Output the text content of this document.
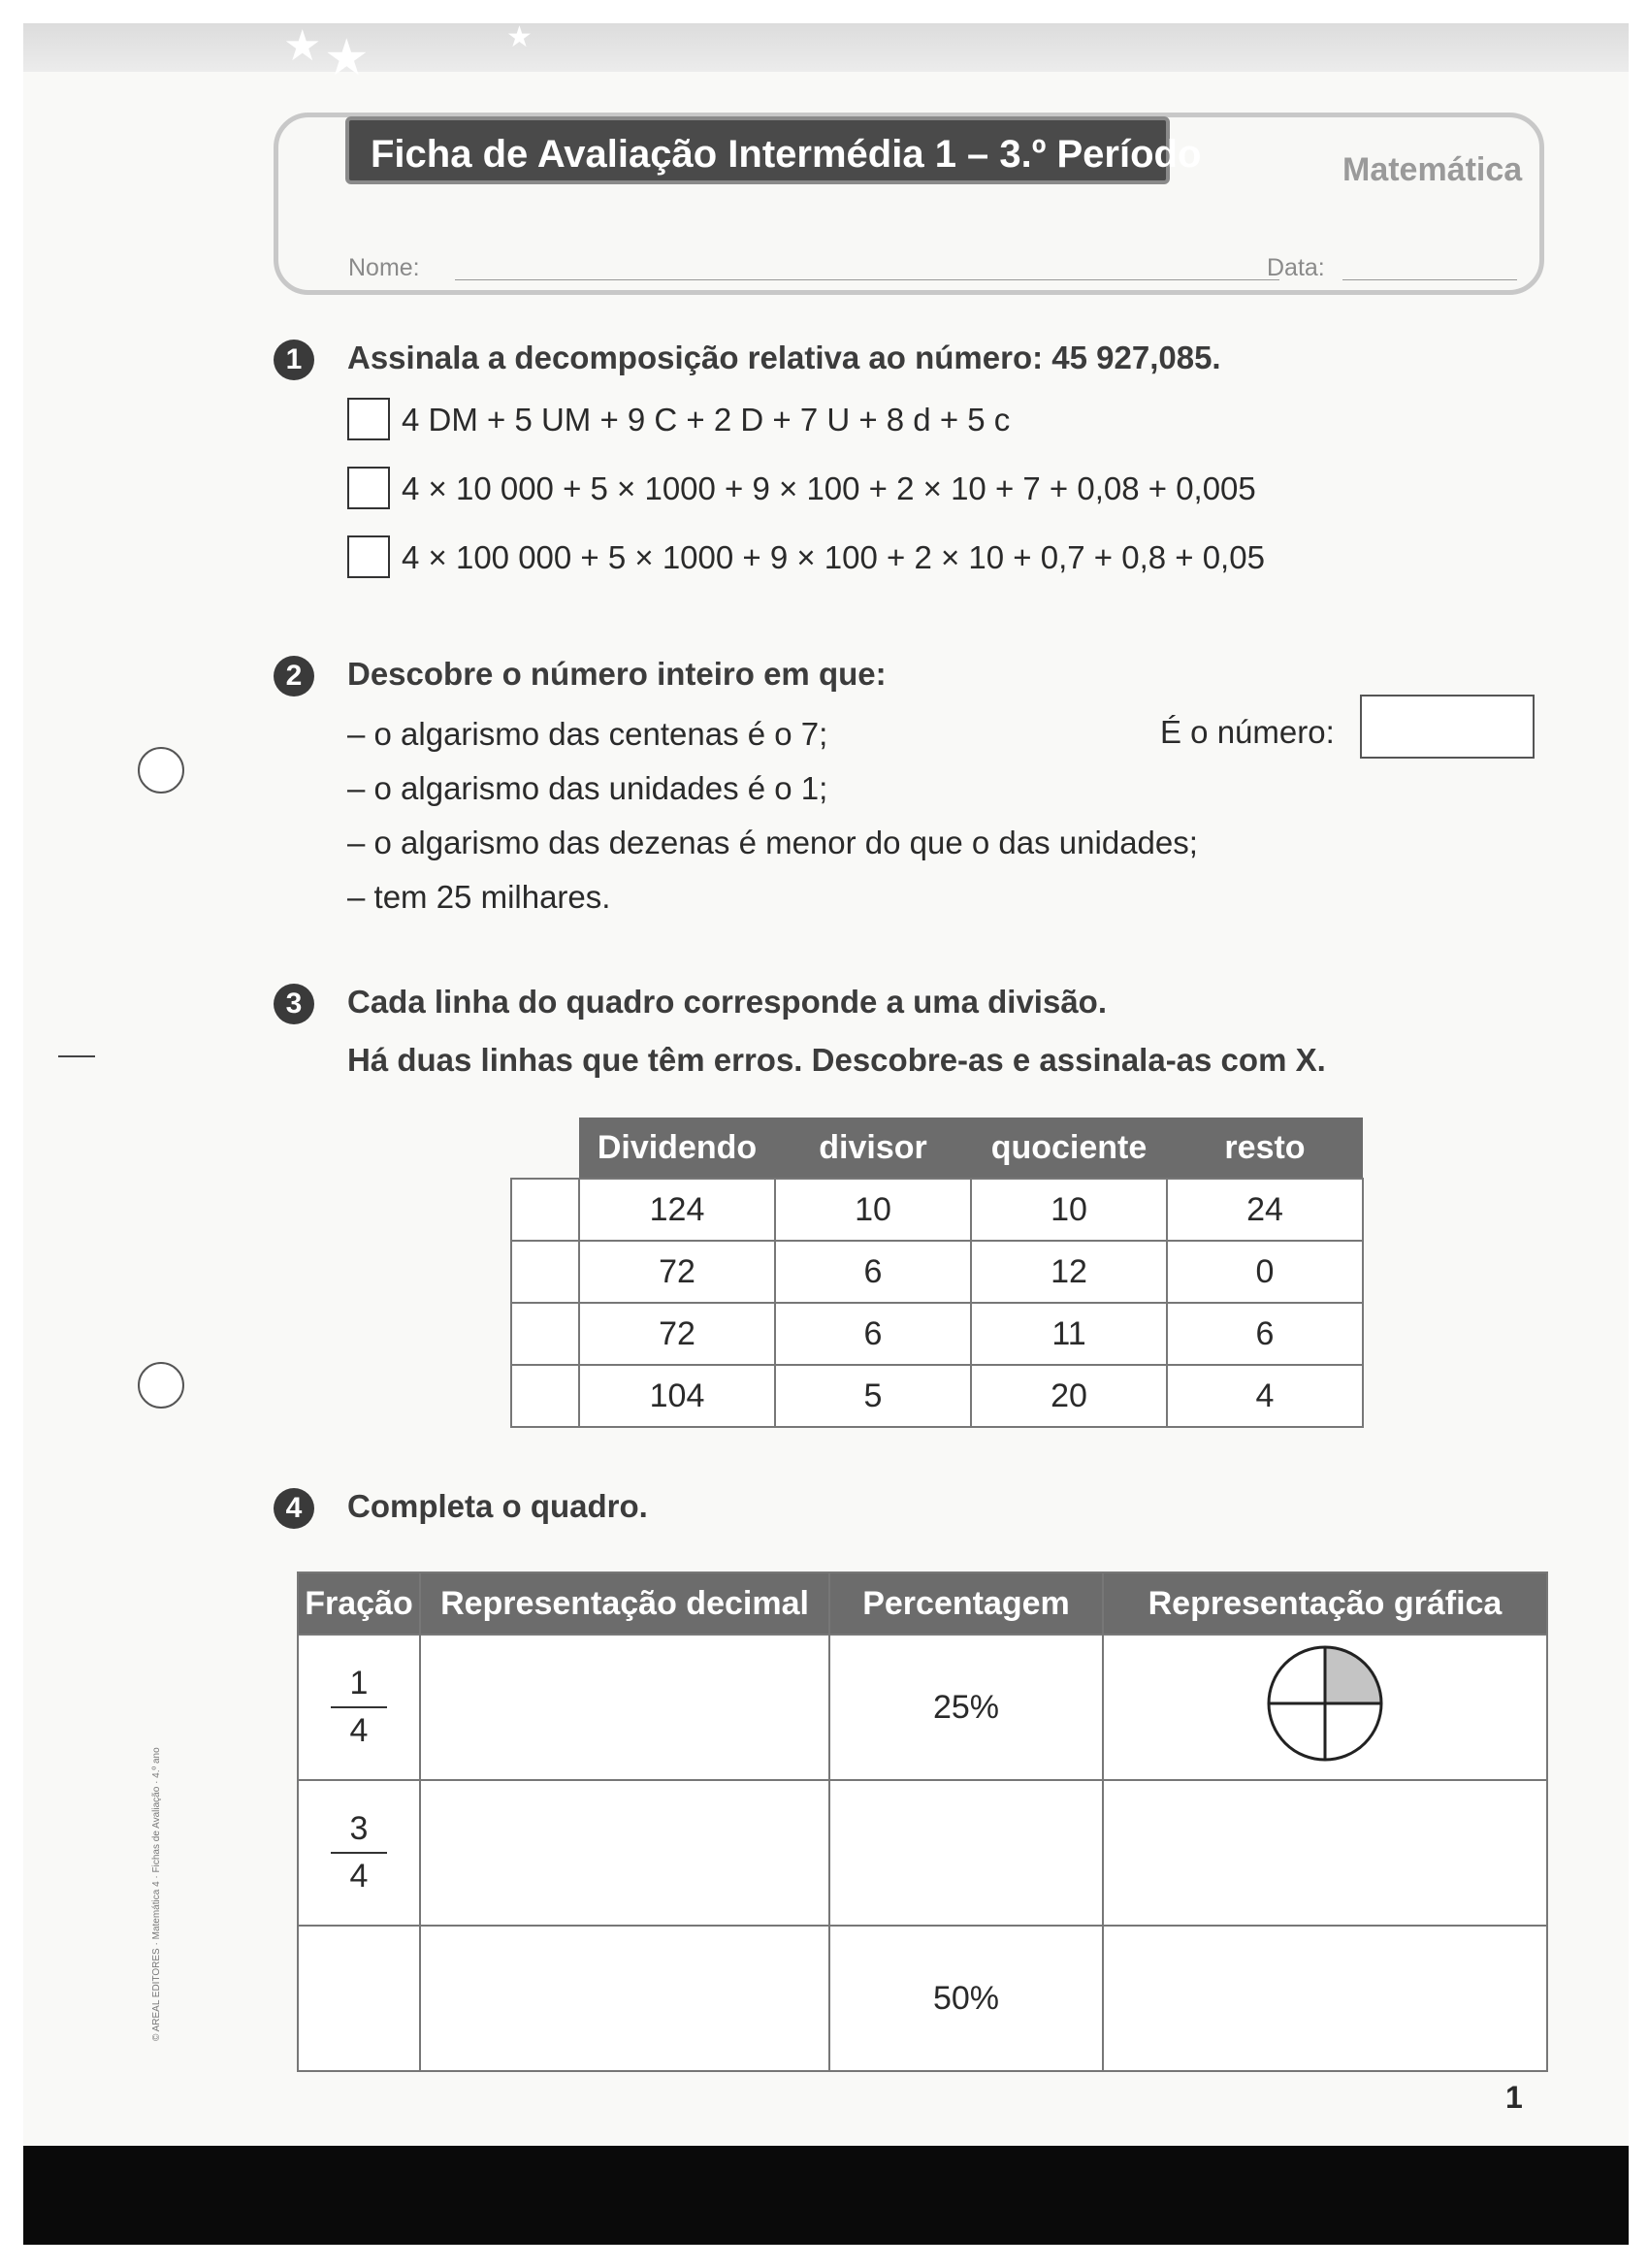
★ ★	★
Ficha de Avaliação Intermédia 1 – 3.º Período	Matemática
Nome:	Data:
1	Assinala a decomposição relativa ao número: 45 927,085.
4 DM + 5 UM + 9 C + 2 D + 7 U + 8 d + 5 c
4 × 10 000 + 5 × 1000 + 9 × 100 + 2 × 10 + 7 + 0,08 + 0,005
4 × 100 000 + 5 × 1000 + 9 × 100 + 2 × 10 + 0,7 + 0,8 + 0,05
2	Descobre o número inteiro em que:
– o algarismo das centenas é o 7;
– o algarismo das unidades é o 1;
– o algarismo das dezenas é menor do que o das unidades;
– tem 25 milhares.
É o número:
3	Cada linha do quadro corresponde a uma divisão.
Há duas linhas que têm erros. Descobre-as e assinala-as com X.
	Dividendo	divisor	quociente	resto
	124	10	10	24
	72	6	12	0
	72	6	11	6
	104	5	20	4
4	Completa o quadro.
Fração	Representação decimal	Percentagem	Representação gráfica

$\frac{1}{4}$		25%	

$\frac{3}{4}$

		50%	
1
© AREAL EDITORES · Matemática 4 · Fichas de Avaliação · 4.º ano
